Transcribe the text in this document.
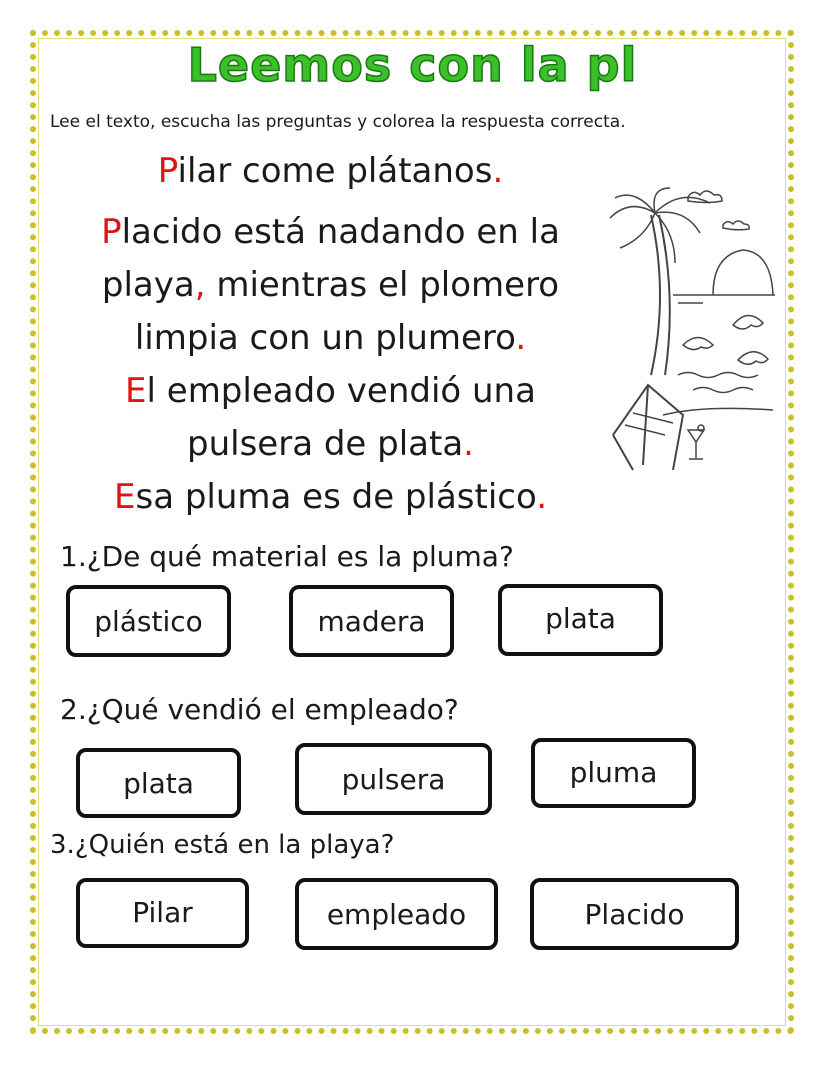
Leemos con la pl
Lee el texto, escucha las preguntas y colorea la respuesta correcta.
Pilar come plátanos.
Placido está nadando en la
playa, mientras el plomero
limpia con un plumero.
El empleado vendió una
pulsera de plata.
Esa pluma es de plástico.
1.¿De qué material es la pluma?
plástico	madera	plata
2.¿Qué vendió el empleado?
plata	pulsera	pluma
3.¿Quién está en la playa?
Pilar	empleado	Placido
